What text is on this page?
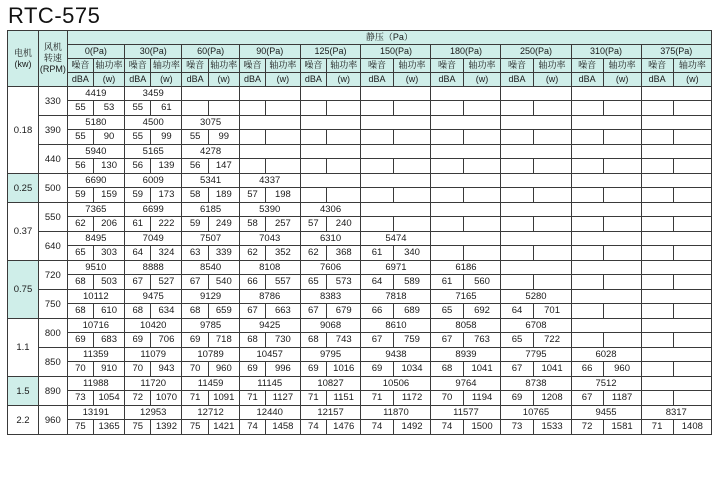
RTC-575
电机
(kw)	风机
转速
(RPM)	静压（Pa）																			
		0(Pa)		30(Pa)		60(Pa)		90(Pa)		125(Pa)		150(Pa)		180(Pa)		250(Pa)		310(Pa)		375(Pa)	
		噪音	轴功率	噪音	轴功率	噪音	轴功率	噪音	轴功率	噪音	轴功率	噪音	轴功率	噪音	轴功率	噪音	轴功率	噪音	轴功率	噪音	轴功率
		dBA	(w)	dBA	(w)	dBA	(w)	dBA	(w)	dBA	(w)	dBA	(w)	dBA	(w)	dBA	(w)	dBA	(w)	dBA	(w)
0.18	330	4419		3459																	
		55	53	55	61																
	390	5180		4500		3075															
		55	90	55	99	55	99														
	440	5940		5165		4278															
		56	130	56	139	56	147														
0.25	500	6690		6009		5341		4337													
		59	159	59	173	58	189	57	198												
0.37	550	7365		6699		6185		5390		4306											
		62	206	61	222	59	249	58	257	57	240										
	640	8495		7049		7507		7043		6310		5474									
		65	303	64	324	63	339	62	352	62	368	61	340								
0.75	720	9510		8888		8540		8108		7606		6971		6186							
		68	503	67	527	67	540	66	557	65	573	64	589	61	560						
	750	10112		9475		9129		8786		8383		7818		7165		5280					
		68	610	68	634	68	659	67	663	67	679	66	689	65	692	64	701				
1.1	800	10716		10420		9785		9425		9068		8610		8058		6708					
		69	683	69	706	69	718	68	730	68	743	67	759	67	763	65	722				
	850	11359		11079		10789		10457		9795		9438		8939		7795		6028			
		70	910	70	943	70	960	69	996	69	1016	69	1034	68	1041	67	1041	66	960		
1.5	890	11988		11720		11459		11145		10827		10506		9764		8738		7512			
		73	1054	72	1070	71	1091	71	1127	71	1151	71	1172	70	1194	69	1208	67	1187		
2.2	960	13191		12953		12712		12440		12157		11870		11577		10765		9455		8317	
		75	1365	75	1392	75	1421	74	1458	74	1476	74	1492	74	1500	73	1533	72	1581	71	1408
